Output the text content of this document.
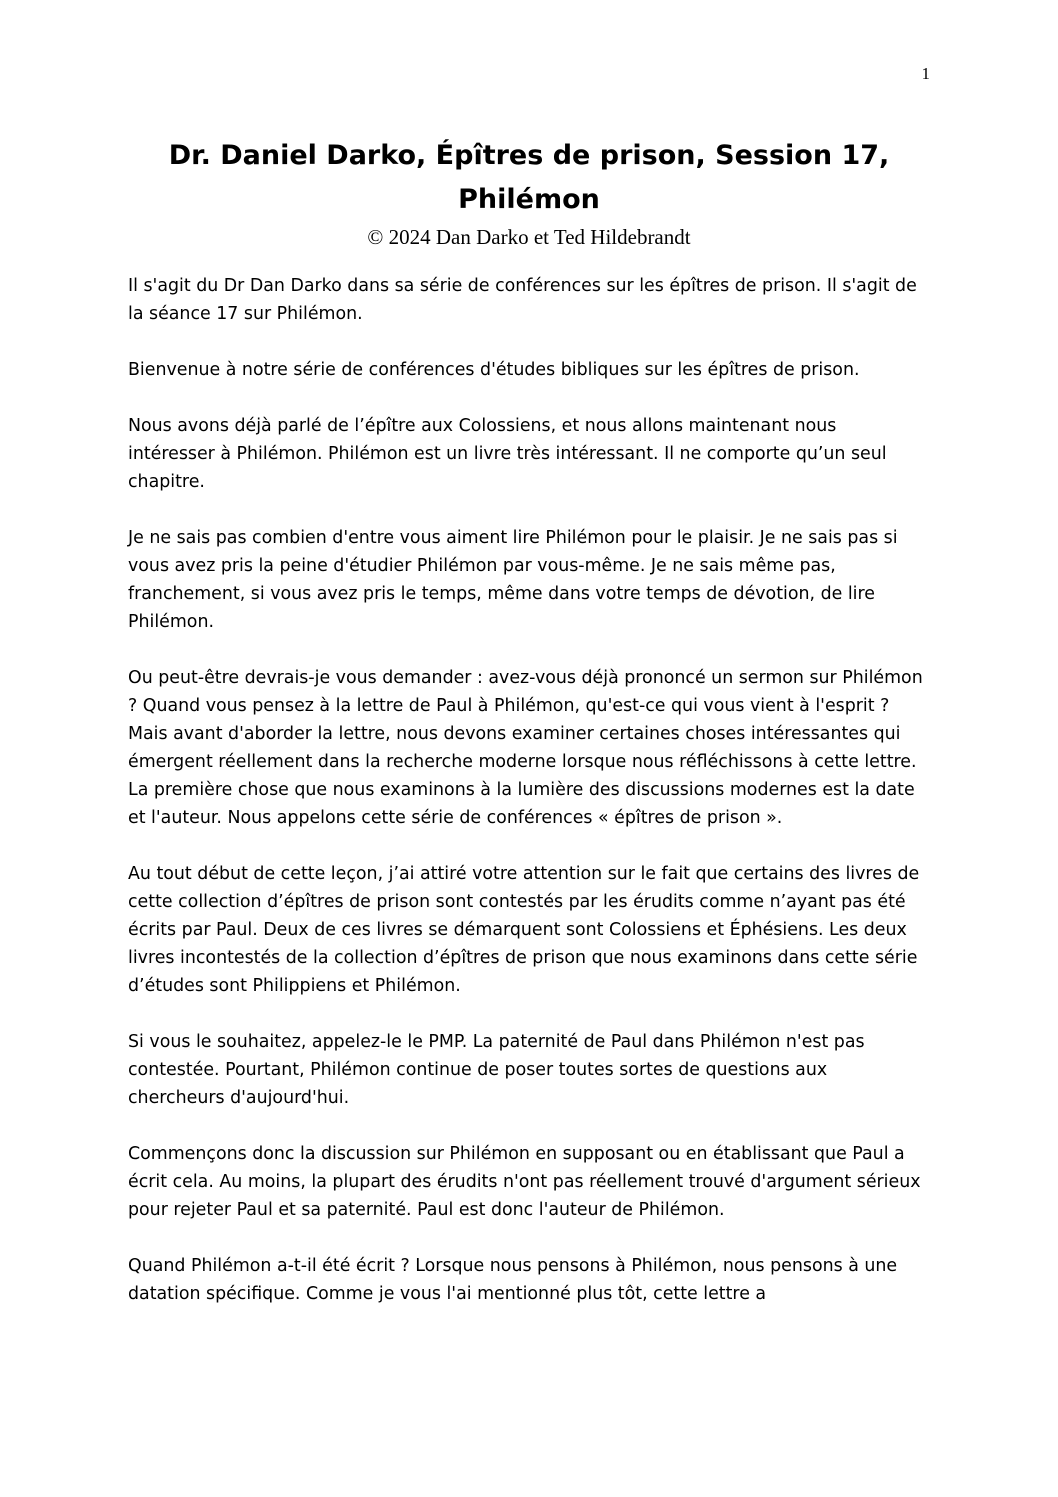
1
Dr. Daniel Darko, Épîtres de prison, Session 17, Philémon
© 2024 Dan Darko et Ted Hildebrandt

Il s'agit du Dr Dan Darko dans sa série de conférences sur les épîtres de prison. Il s'agit de la séance 17 sur Philémon.

Bienvenue à notre série de conférences d'études bibliques sur les épîtres de prison.

Nous avons déjà parlé de l’épître aux Colossiens, et nous allons maintenant nous intéresser à Philémon. Philémon est un livre très intéressant. Il ne comporte qu’un seul chapitre.

Je ne sais pas combien d'entre vous aiment lire Philémon pour le plaisir. Je ne sais pas si vous avez pris la peine d'étudier Philémon par vous-même. Je ne sais même pas, franchement, si vous avez pris le temps, même dans votre temps de dévotion, de lire Philémon.

Ou peut-être devrais-je vous demander : avez-vous déjà prononcé un sermon sur Philémon ? Quand vous pensez à la lettre de Paul à Philémon, qu'est-ce qui vous vient à l'esprit ? Mais avant d'aborder la lettre, nous devons examiner certaines choses intéressantes qui émergent réellement dans la recherche moderne lorsque nous réfléchissons à cette lettre. La première chose que nous examinons à la lumière des discussions modernes est la date et l'auteur. Nous appelons cette série de conférences « épîtres de prison ».

Au tout début de cette leçon, j’ai attiré votre attention sur le fait que certains des livres de cette collection d’épîtres de prison sont contestés par les érudits comme n’ayant pas été écrits par Paul. Deux de ces livres se démarquent sont Colossiens et Éphésiens. Les deux livres incontestés de la collection d’épîtres de prison que nous examinons dans cette série d’études sont Philippiens et Philémon.

Si vous le souhaitez, appelez-le le PMP. La paternité de Paul dans Philémon n'est pas contestée. Pourtant, Philémon continue de poser toutes sortes de questions aux chercheurs d'aujourd'hui.

Commençons donc la discussion sur Philémon en supposant ou en établissant que Paul a écrit cela. Au moins, la plupart des érudits n'ont pas réellement trouvé d'argument sérieux pour rejeter Paul et sa paternité. Paul est donc l'auteur de Philémon.

Quand Philémon a-t-il été écrit ? Lorsque nous pensons à Philémon, nous pensons à une datation spécifique. Comme je vous l'ai mentionné plus tôt, cette lettre a
